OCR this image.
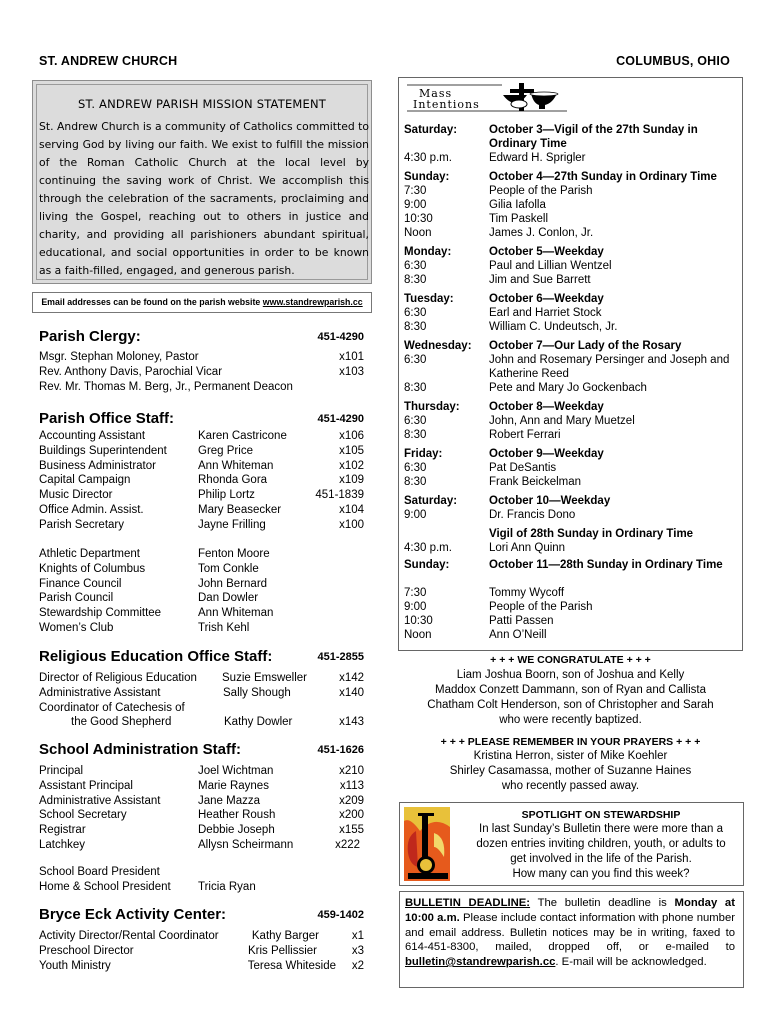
ST. ANDREW CHURCH	COLUMBUS, OHIO
ST. ANDREW PARISH MISSION STATEMENT
St. Andrew Church is a community of Catholics committed to serving God by living our faith. We exist to fulfill the mission of the Roman Catholic Church at the local level by continuing the saving work of Christ. We accomplish this through the celebration of the sacraments, proclaiming and living the Gospel, reaching out to others in justice and charity, and providing all parishioners abundant spiritual, educational, and social opportunities in order to be known as a faith-filled, engaged, and generous parish.
Email addresses can be found on the parish website www.standrewparish.cc
Parish Clergy:	451-4290
Msgr. Stephan Moloney, Pastor	x101
Rev. Anthony Davis, Parochial Vicar	x103
Rev. Mr. Thomas M. Berg, Jr., Permanent Deacon
Parish Office Staff:	451-4290
Accounting Assistant	Karen Castricone	x106
Buildings Superintendent	Greg Price	x105
Business Administrator	Ann Whiteman	x102
Capital Campaign	Rhonda Gora	x109
Music Director	Philip Lortz	451-1839
Office Admin. Assist.	Mary Beasecker	x104
Parish Secretary	Jayne Frilling	x100
Athletic Department	Fenton Moore
Knights of Columbus	Tom Conkle
Finance Council	John Bernard
Parish Council	Dan Dowler
Stewardship Committee	Ann Whiteman
Women’s Club	Trish Kehl
Religious Education Office Staff:	451-2855
Director of Religious Education Suzie Emsweller	x142
Administrative Assistant	Sally Shough	x140
Coordinator of Catechesis of
the Good Shepherd	Kathy Dowler	x143
School Administration Staff:	451-1626
Principal	Joel Wichtman	x210
Assistant Principal	Marie Raynes	x113
Administrative Assistant	Jane Mazza	x209
School Secretary	Heather Roush	x200
Registrar	Debbie Joseph	x155
Latchkey	Allysn Scheirmann	x222
School Board President
Home & School President Tricia Ryan
Bryce Eck Activity Center:	459-1402
Activity Director/Rental Coordinator	Kathy Barger	x1
Preschool Director	Kris Pellissier	x3
Youth Ministry	Teresa Whiteside x2
Mass
Intentions
Saturday:	October 3—Vigil of the 27th Sunday in Ordinary Time
4:30 p.m.	Edward H. Sprigler
Sunday:	October 4—27th Sunday in Ordinary Time
7:30	People of the Parish
9:00	Gilia Iafolla
10:30	Tim Paskell
Noon	James J. Conlon, Jr.
Monday:	October 5—Weekday
6:30	Paul and Lillian Wentzel
8:30	Jim and Sue Barrett
Tuesday:	October 6—Weekday
6:30	Earl and Harriet Stock
8:30	William C. Undeutsch, Jr.
Wednesday: October 7—Our Lady of the Rosary
6:30	John and Rosemary Persinger and Joseph and Katherine Reed
8:30	Pete and Mary Jo Gockenbach
Thursday:	October 8—Weekday
6:30	John, Ann and Mary Muetzel
8:30	Robert Ferrari
Friday:	October 9—Weekday
6:30	Pat DeSantis
8:30	Frank Beickelman
Saturday:	October 10—Weekday
9:00	Dr. Francis Dono
Vigil of 28th Sunday in Ordinary Time
4:30 p.m.	Lori Ann Quinn
Sunday:	October 11—28th Sunday in Ordinary Time
7:30	Tommy Wycoff
9:00	People of the Parish
10:30	Patti Passen
Noon	Ann O’Neill
+ + + WE CONGRATULATE + + +
Liam Joshua Boorn, son of Joshua and Kelly
Maddox Conzett Dammann, son of Ryan and Callista
Chatham Colt Henderson, son of Christopher and Sarah
who were recently baptized.
+ + + PLEASE REMEMBER IN YOUR PRAYERS + + +
Kristina Herron, sister of Mike Koehler
Shirley Casamassa, mother of Suzanne Haines
who recently passed away.
SPOTLIGHT ON STEWARDSHIP
In last Sunday’s Bulletin there were more than a
dozen entries inviting children, youth, or adults to
get involved in the life of the Parish.
How many can you find this week?
BULLETIN DEADLINE: The bulletin deadline is Monday at 10:00 a.m. Please include contact information with phone number and email address. Bulletin notices may be in writing, faxed to 614-451-8300, mailed, dropped off, or e-mailed to bulletin@standrewparish.cc. E-mail will be acknowledged.
